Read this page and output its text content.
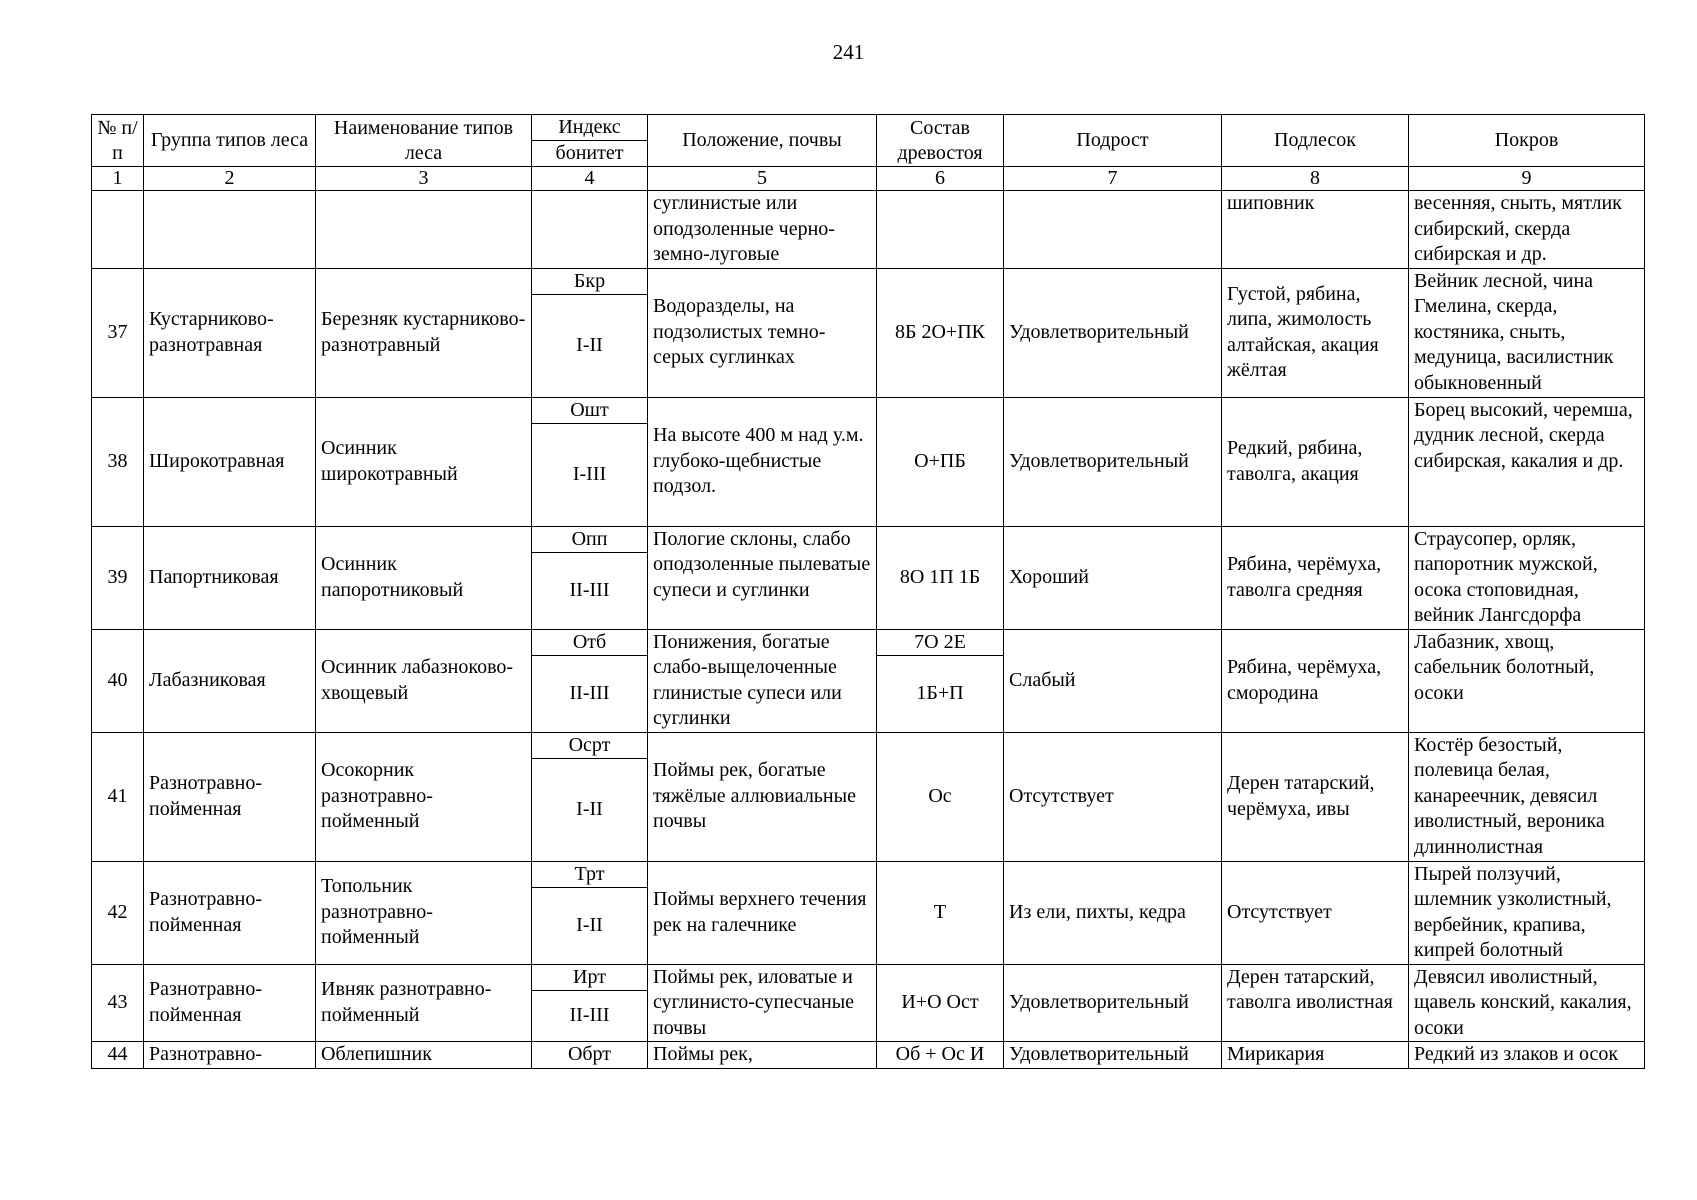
241
№ п/п	Группа типов леса	Наименование типов леса	Индекс	Положение, почвы	Состав древостоя	Подрост	Подлесок	Покров
			бонитет					
1	2	3	4	5	6	7	8	9
				суглинистые или оподзоленные черно-земно-луговые			шиповник	весенняя, сныть, мятлик сибирский, скерда сибирская и др.
37	Кустарниково-разнотравная	Березняк кустарниково-разнотравный	Бкр	Водоразделы, на подзолистых темно-серых суглинках	8Б 2О+ПК	Удовлетворительный	Густой, рябина, липа, жимолость алтайская, акация жёлтая	Вейник лесной, чина Гмелина, скерда, костяника, сныть, медуница, василистник обыкновенный
			I-II					
38	Широкотравная	Осинник широкотравный	Ошт	На высоте 400 м над у.м. глубоко-щебнистые подзол.	О+ПБ	Удовлетворительный	Редкий, рябина, таволга, акация	Борец высокий, черемша, дудник лесной, скерда сибирская, какалия и др.
			I-III					
39	Папортниковая	Осинник папоротниковый	Опп	Пологие склоны, слабо оподзоленные пылеватые супеси и суглинки	8О 1П 1Б	Хороший	Рябина, черёмуха, таволга средняя	Страусопер, орляк, папоротник мужской, осока стоповидная, вейник Лангсдорфа
			II-III					
40	Лабазниковая	Осинник лабазноково-хвощевый	Отб	Понижения, богатые слабо-выщелоченные глинистые супеси или суглинки	7О 2Е	Слабый	Рябина, черёмуха, смородина	Лабазник, хвощ, сабельник болотный, осоки
			II-III		1Б+П			
41	Разнотравно-пойменная	Осокорник разнотравно-пойменный	Осрт	Поймы рек, богатые тяжёлые аллювиальные почвы	Ос	Отсутствует	Дерен татарский, черёмуха, ивы	Костёр безостый, полевица белая, канареечник, девясил иволистный, вероника длиннолистная
			I-II					
42	Разнотравно-пойменная	Топольник разнотравно-пойменный	Трт	Поймы верхнего течения рек на галечнике	Т	Из ели, пихты, кедра	Отсутствует	Пырей ползучий, шлемник узколистный, вербейник, крапива, кипрей болотный
			I-II					
43	Разнотравно-пойменная	Ивняк разнотравно-пойменный	Ирт	Поймы рек, иловатые и суглинисто-супесчаные почвы	И+О Ост	Удовлетворительный	Дерен татарский, таволга иволистная	Девясил иволистный, щавель конский, какалия, осоки
			II-III					
44	Разнотравно-	Облепишник	Обрт	Поймы рек,	Об + Ос И	Удовлетворительный	Мирикария	Редкий из злаков и осок
